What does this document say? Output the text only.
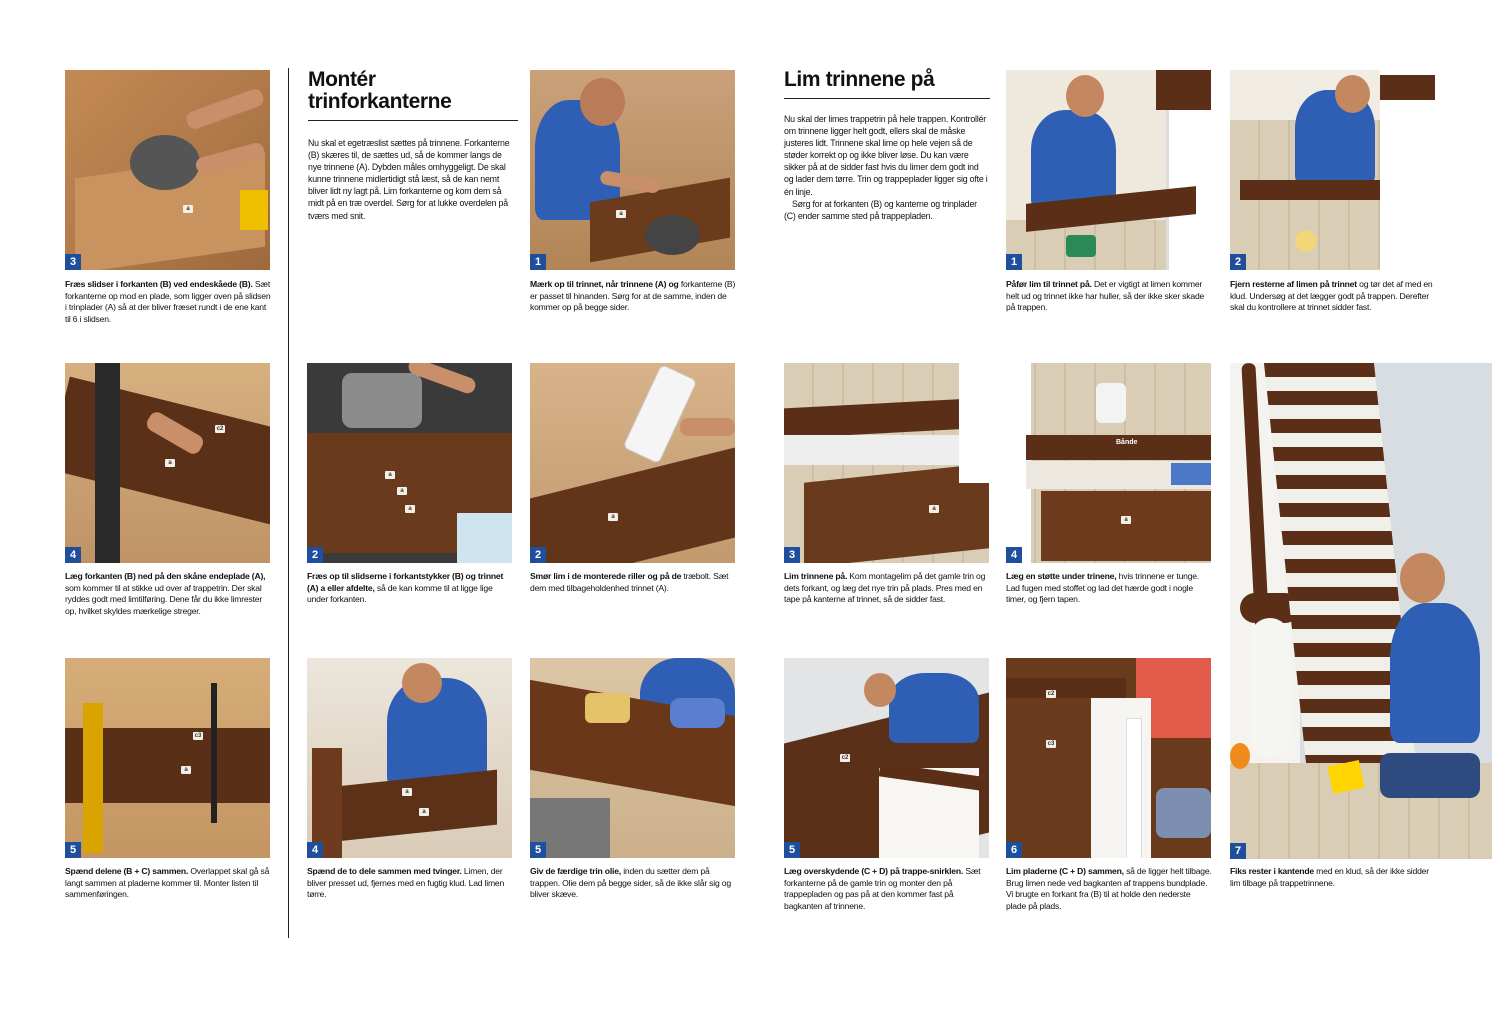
a
3
Fræs slidser i forkanten (B) ved endeskåede (B). Sæt forkanterne op mod en plade, som ligger oven på slidsen i trinplader (A) så at der bliver fræset rundt i de ene kant til 6 i slidsen.
Montér
trinforkanterne

Nu skal et egetræslist sættes på trinnene. Forkanterne (B) skæres til, de sættes ud, så de kommer langs de nye trinnene (A). Dybden måles omhyggeligt. De skal kunne trinnene midlertidigt stå læst, så de kan nemt bliver lidt ny lagt på. Lim forkanterne og kom dem så midt på en træ overdel. Sørg for at lukke overdelen på tværs med snit.	a
1
Mærk op til trinnet, når trinnene (A) og forkanterne (B) er passet til hinanden. Sørg for at de samme, inden de kommer op på begge sider.
c2
a
4
Læg forkanten (B) ned på den skåne endeplade (A), som kommer til at stikke ud over af trappetrin. Der skal ryddes godt med limtilføring. Dene får du ikke limrester op, hvilket skyldes mærkelige streger.
a
a
a
2
Fræs op til slidserne i forkantstykker (B) og trinnet (A) a eller afdelte, så de kan komme til at ligge lige under forkanten.
a
2
Smør lim i de monterede riller og på de træbolt. Sæt dem med tilbageholdenhed trinnet (A).
c3
a
5
Spænd delene (B + C) sammen. Overlappet skal gå så langt sammen at pladerne kommer til. Monter listen til sammenføringen.
a
a
4
Spænd de to dele sammen med tvinger. Limen, der bliver presset ud, fjernes med en fugtig klud. Lad limen tørre.
5
Giv de færdige trin olie, inden du sætter dem på trappen. Olie dem på begge sider, så de ikke slår sig og bliver skæve.
Lim trinnene på

Nu skal der limes trappetrin på hele trappen. Kontrollér om trinnene ligger helt godt, ellers skal de måske justeres lidt. Trinnene skal lime op hele vejen så de støder korrekt op og ikke bliver løse. Du kan være sikker på at de sidder fast hvis du limer dem godt ind og lader dem tørre. Trin og trappeplader ligger sig ofte i én linje.

Sørg for at forkanten (B) og kanterne og trinplader (C) ender samme sted på trappepladen.

1
Påfør lim til trinnet på. Det er vigtigt at limen kommer helt ud og trinnet ikke har huller, så der ikke sker skade på trappen.
2
Fjern resterne af limen på trinnet og tør det af med en klud. Undersøg at det lægger godt på trappen. Derefter skal du kontrollere at trinnet sidder fast.
a
3
Lim trinnene på. Kom montagelim på det gamle trin og dets forkant, og læg det nye trin på plads. Pres med en tape på kanterne af trinnet, så de sidder fast.
Bånde
a
4
Læg en støtte under trinene, hvis trinnene er tunge. Lad fugen med stoffet og lad det hærde godt i nogle timer, og fjern tapen.
7
Fiks rester i kantende med en klud, så der ikke sidder lim tilbage på trappetrinnene.
c2
5
Læg overskydende (C + D) på trappe-snirklen. Sæt forkanterne på de gamle trin og monter den på trappepladen og pas på at den kommer fast på bagkanten af trinnene.
c2
c3
6
Lim pladerne (C + D) sammen, så de ligger helt tilbage. Brug limen nede ved bagkanten af trappens bundplade. Vi brugte en forkant fra (B) til at holde den nederste plade på plads.
